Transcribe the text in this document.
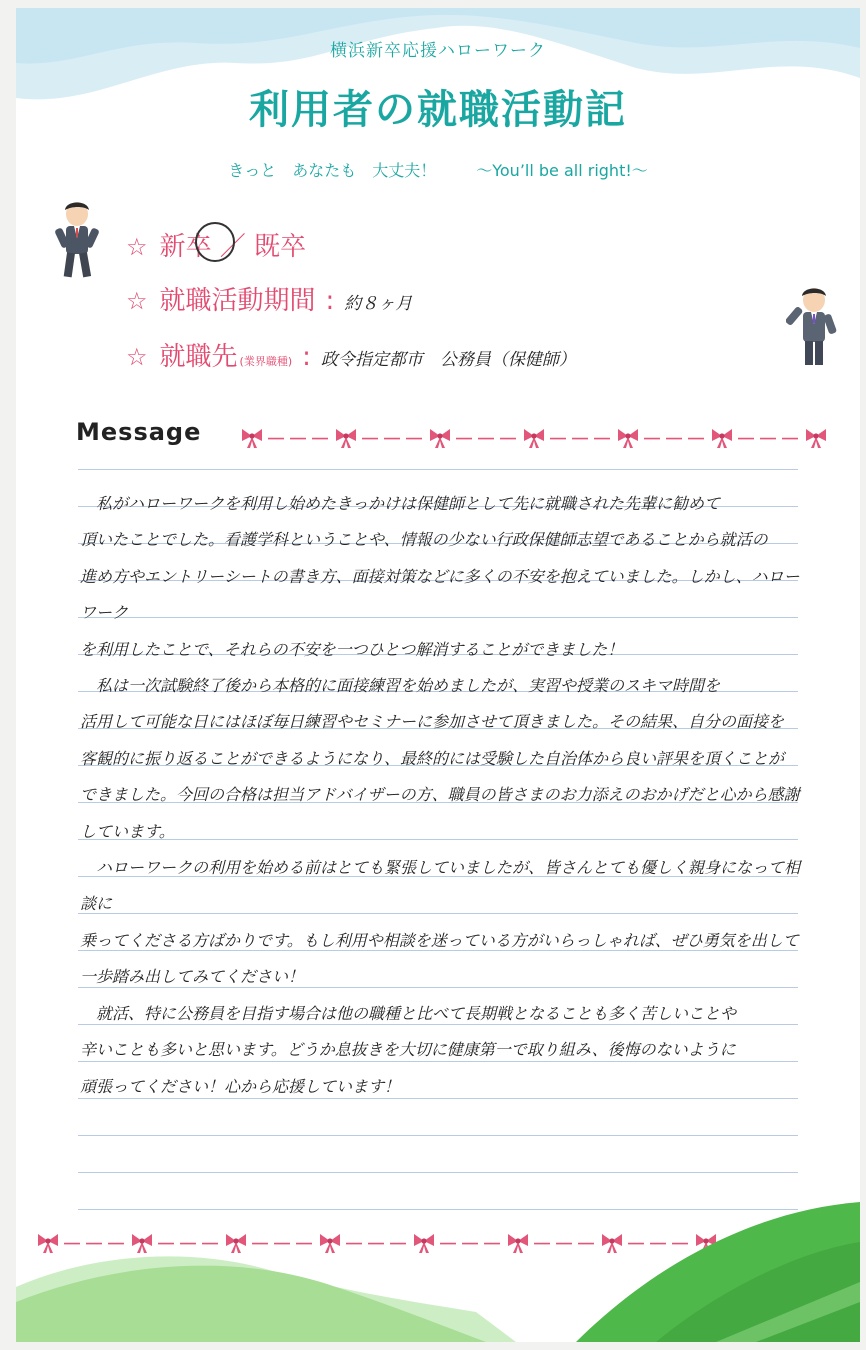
横浜新卒応援ハローワーク
利用者の就職活動記
きっと　あなたも　大丈夫！	～You’ll be all right!～
☆ 新卒 ／ 既卒
☆ 就職活動期間 : 約８ヶ月
☆ 就職先 (業界職種) : 政令指定都市　公務員（保健師）
Message	－－－ －－－ －－－ －－－ －－－ －－－

　私がハローワークを利用し始めたきっかけは保健師として先に就職された先輩に勧めて

頂いたことでした。看護学科ということや、情報の少ない行政保健師志望であることから就活の

進め方やエントリーシートの書き方、面接対策などに多くの不安を抱えていました。しかし、ハローワーク

を利用したことで、それらの不安を一つひとつ解消することができました！

　私は一次試験終了後から本格的に面接練習を始めましたが、実習や授業のスキマ時間を

活用して可能な日にはほぼ毎日練習やセミナーに参加させて頂きました。その結果、自分の面接を

客観的に振り返ることができるようになり、最終的には受験した自治体から良い評果を頂くことが

できました。今回の合格は担当アドバイザーの方、職員の皆さまのお力添えのおかげだと心から感謝

しています。

　ハローワークの利用を始める前はとても緊張していましたが、皆さんとても優しく親身になって相談に

乗ってくださる方ばかりです。もし利用や相談を迷っている方がいらっしゃれば、ぜひ勇気を出して

一歩踏み出してみてください！

　就活、特に公務員を目指す場合は他の職種と比べて長期戦となることも多く苦しいことや

辛いことも多いと思います。どうか息抜きを大切に健康第一で取り組み、後悔のないように

頑張ってください！心から応援しています！

－－－ －－－ －－－ －－－ －－－ －－－ －－－
